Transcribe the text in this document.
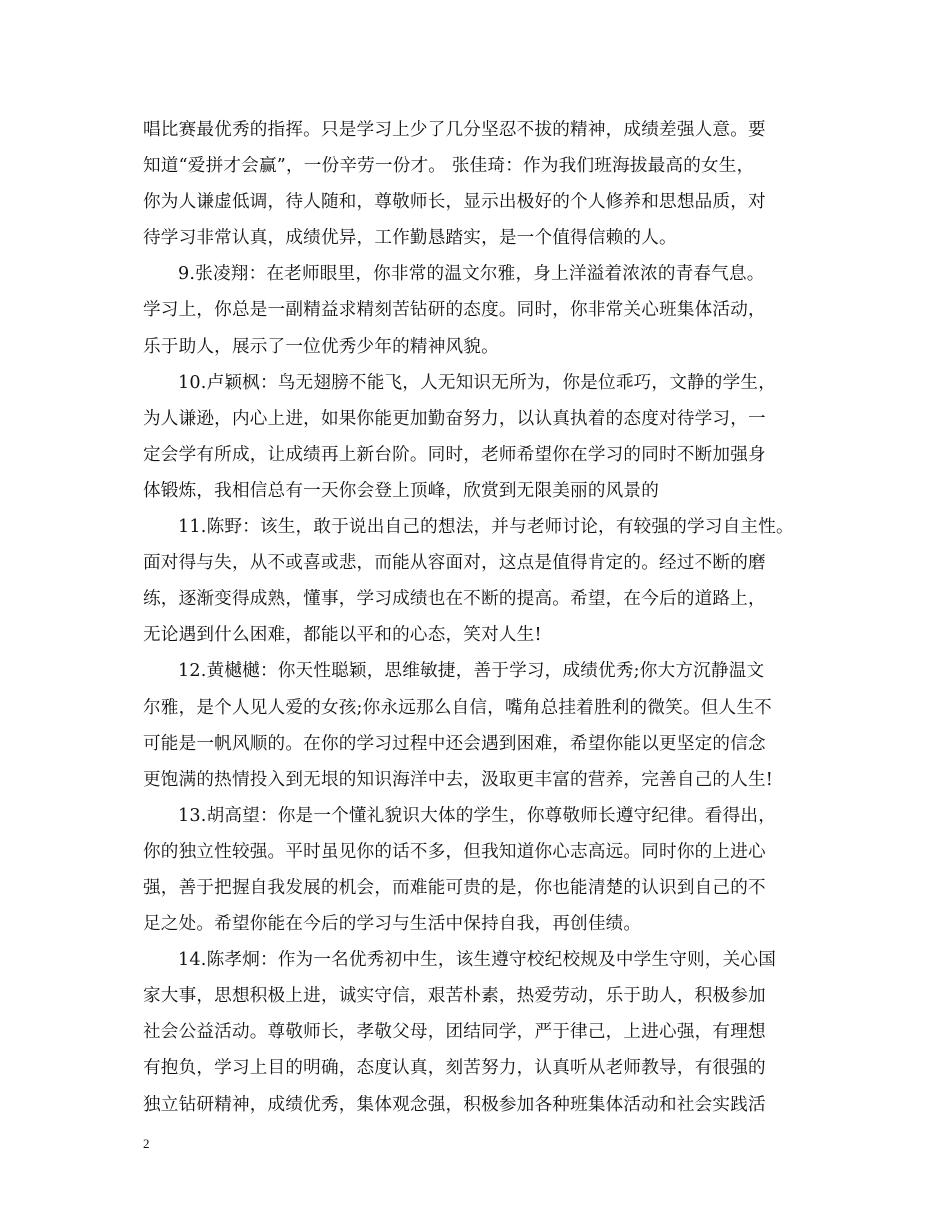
唱比赛最优秀的指挥。只是学习上少了几分坚忍不拔的精神，成绩差强人意。要
知道“爱拼才会赢”，一份辛劳一份才。 张佳琦：作为我们班海拔最高的女生，
你为人谦虚低调，待人随和，尊敬师长，显示出极好的个人修养和思想品质，对
待学习非常认真，成绩优异，工作勤恳踏实，是一个值得信赖的人。
9.张凌翔：在老师眼里，你非常的温文尔雅，身上洋溢着浓浓的青春气息。
学习上，你总是一副精益求精刻苦钻研的态度。同时，你非常关心班集体活动，
乐于助人，展示了一位优秀少年的精神风貌。
10.卢颖枫：鸟无翅膀不能飞，人无知识无所为，你是位乖巧，文静的学生，
为人谦逊，内心上进，如果你能更加勤奋努力，以认真执着的态度对待学习，一
定会学有所成，让成绩再上新台阶。同时，老师希望你在学习的同时不断加强身
体锻炼，我相信总有一天你会登上顶峰，欣赏到无限美丽的风景的
11.陈野：该生，敢于说出自己的想法，并与老师讨论，有较强的学习自主性。
面对得与失，从不或喜或悲，而能从容面对，这点是值得肯定的。经过不断的磨
练，逐渐变得成熟，懂事，学习成绩也在不断的提高。希望，在今后的道路上，
无论遇到什么困难，都能以平和的心态，笑对人生!
12.黄樾樾：你天性聪颖，思维敏捷，善于学习，成绩优秀;你大方沉静温文
尔雅，是个人见人爱的女孩;你永远那么自信，嘴角总挂着胜利的微笑。但人生不
可能是一帆风顺的。在你的学习过程中还会遇到困难，希望你能以更坚定的信念
更饱满的热情投入到无垠的知识海洋中去，汲取更丰富的营养，完善自己的人生!
13.胡高望：你是一个懂礼貌识大体的学生，你尊敬师长遵守纪律。看得出，
你的独立性较强。平时虽见你的话不多，但我知道你心志高远。同时你的上进心
强，善于把握自我发展的机会，而难能可贵的是，你也能清楚的认识到自己的不
足之处。希望你能在今后的学习与生活中保持自我，再创佳绩。
14.陈孝炯：作为一名优秀初中生，该生遵守校纪校规及中学生守则，关心国
家大事，思想积极上进，诚实守信，艰苦朴素，热爱劳动，乐于助人，积极参加
社会公益活动。尊敬师长，孝敬父母，团结同学，严于律己，上进心强，有理想
有抱负，学习上目的明确，态度认真，刻苦努力，认真听从老师教导，有很强的
独立钻研精神，成绩优秀，集体观念强，积极参加各种班集体活动和社会实践活
2
